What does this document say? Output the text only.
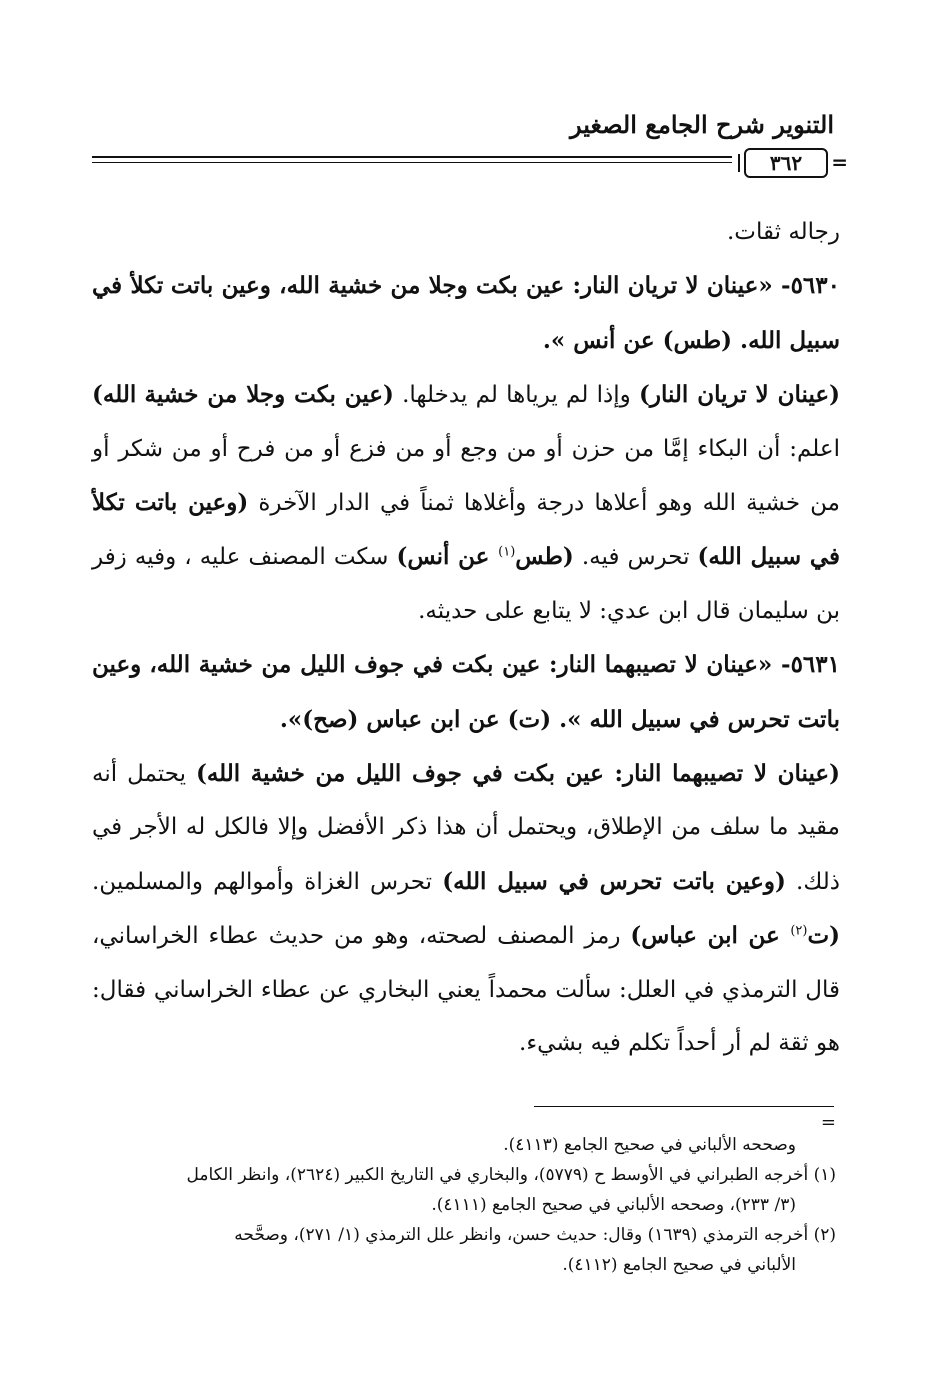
التنوير شرح الجامع الصغير
٣٦٢ =

رجاله ثقات.

٥٦٣٠- «عينان لا تريان النار: عين بكت وجلا من خشية الله، وعين باتت تكلأ في سبيل الله. (طس) عن أنس ».

(عينان لا تريان النار) وإذا لم يرياها لم يدخلها. (عين بكت وجلا من خشية الله) اعلم: أن البكاء إمَّا من حزن أو من وجع أو من فزع أو من فرح أو من شكر أو من خشية الله وهو أعلاها درجة وأغلاها ثمناً في الدار الآخرة (وعين باتت تكلأ في سبيل الله) تحرس فيه. (طس$^{(١)}$ عن أنس) سكت المصنف عليه ، وفيه زفر بن سليمان قال ابن عدي: لا يتابع على حديثه.

٥٦٣١- «عينان لا تصيبهما النار: عين بكت في جوف الليل من خشية الله، وعين باتت تحرس في سبيل الله ». (ت) عن ابن عباس (صح)».

(عينان لا تصيبهما النار: عين بكت في جوف الليل من خشية الله) يحتمل أنه مقيد ما سلف من الإطلاق، ويحتمل أن هذا ذكر الأفضل وإلا فالكل له الأجر في ذلك. (وعين باتت تحرس في سبيل الله) تحرس الغزاة وأموالهم والمسلمين. (ت$^{(٢)}$ عن ابن عباس) رمز المصنف لصحته، وهو من حديث عطاء الخراساني، قال الترمذي في العلل: سألت محمداً يعني البخاري عن عطاء الخراساني فقال: هو ثقة لم أر أحداً تكلم فيه بشيء.

=

وصححه الألباني في صحيح الجامع (٤١١٣).

(١) أخرجه الطبراني في الأوسط ح (٥٧٧٩)، والبخاري في التاريخ الكبير (٢٦٢٤)، وانظر الكامل

(٣/ ٢٣٣)، وصححه الألباني في صحيح الجامع (٤١١١).

(٢) أخرجه الترمذي (١٦٣٩) وقال: حديث حسن، وانظر علل الترمذي (١/ ٢٧١)، وصحَّحه

الألباني في صحيح الجامع (٤١١٢).
